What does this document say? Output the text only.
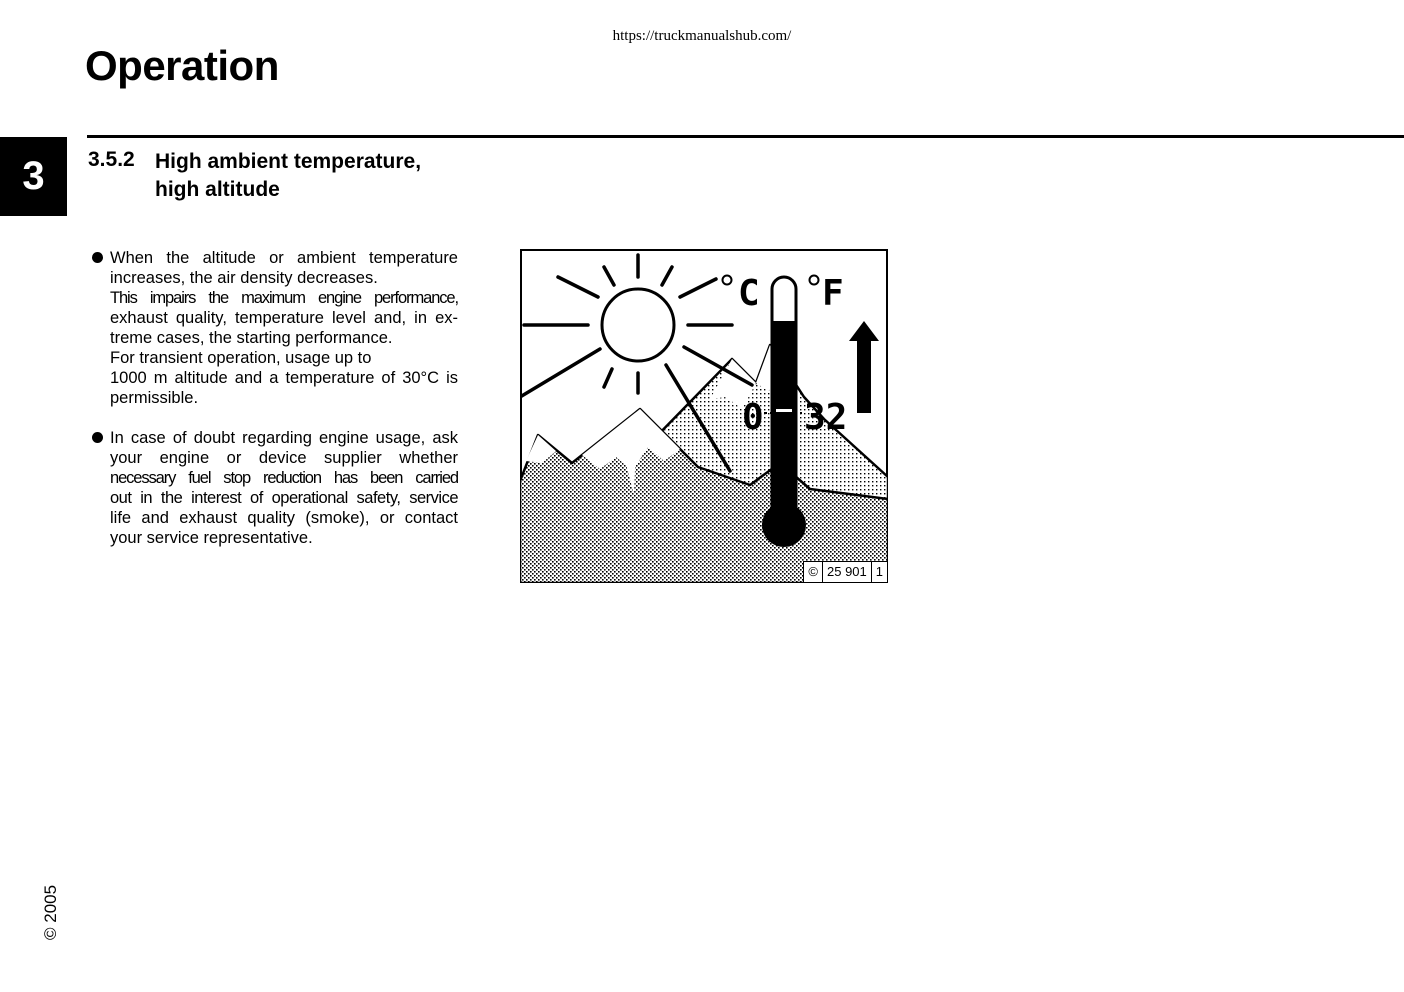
https://truckmanualshub.com/
Operation
3	3.5.2 High ambient temperature,
high altitude
When the altitude or ambient temperature
increases, the air density decreases.
This impairs the maximum engine performance,
exhaust quality, temperature level and, in ex-
treme cases, the starting performance.
For transient operation, usage up to
1000 m altitude and a temperature of 30°C is
permissible.
In case of doubt regarding engine usage, ask
your engine or device supplier whether
necessary fuel stop reduction has been carried
out in the interest of operational safety, service
life and exhaust quality (smoke), or contact
your service representative.
C F
0 32
© 25 901 1
© 2005
